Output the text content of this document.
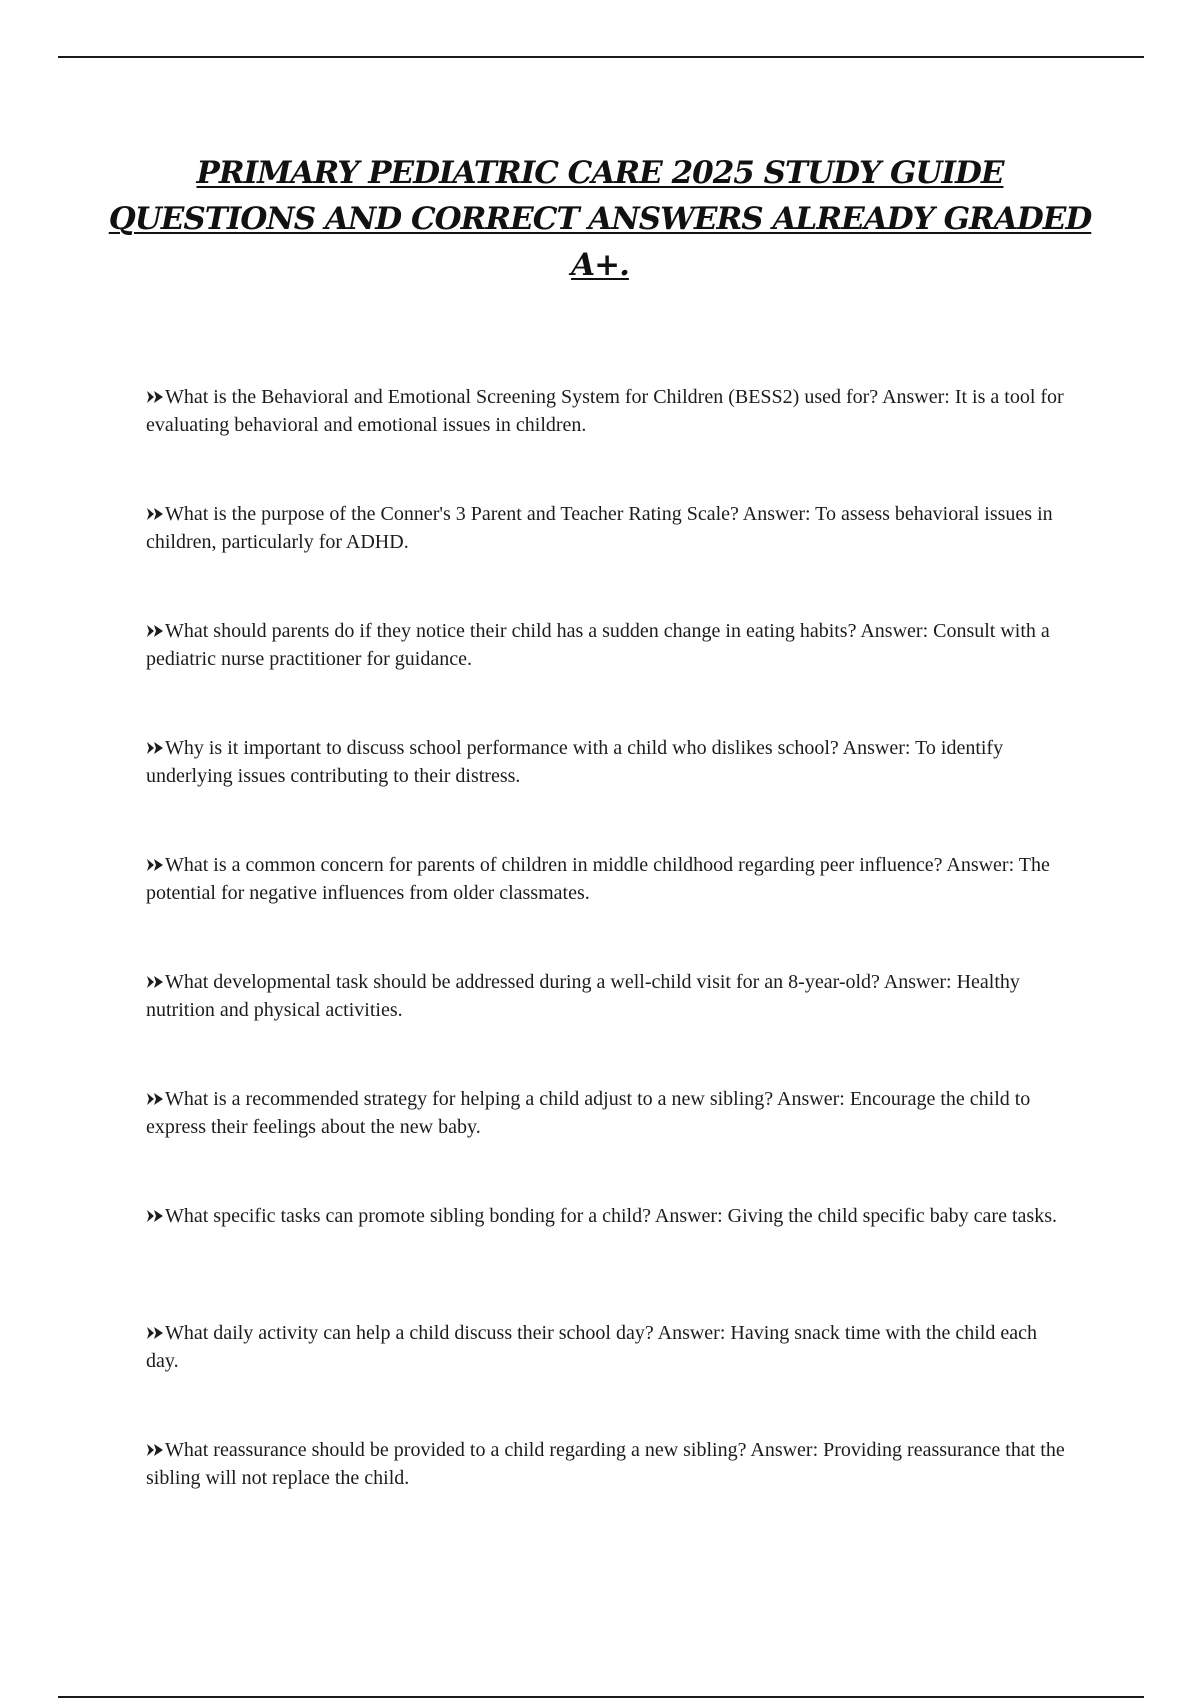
PRIMARY PEDIATRIC CARE 2025 STUDY GUIDE QUESTIONS AND CORRECT ANSWERS ALREADY GRADED A+.
What is the Behavioral and Emotional Screening System for Children (BESS2) used for? Answer: It is a tool for evaluating behavioral and emotional issues in children.
What is the purpose of the Conner's 3 Parent and Teacher Rating Scale? Answer: To assess behavioral issues in children, particularly for ADHD.
What should parents do if they notice their child has a sudden change in eating habits? Answer: Consult with a pediatric nurse practitioner for guidance.
Why is it important to discuss school performance with a child who dislikes school? Answer: To identify underlying issues contributing to their distress.
What is a common concern for parents of children in middle childhood regarding peer influence? Answer: The potential for negative influences from older classmates.
What developmental task should be addressed during a well-child visit for an 8-year-old? Answer: Healthy nutrition and physical activities.
What is a recommended strategy for helping a child adjust to a new sibling? Answer: Encourage the child to express their feelings about the new baby.
What specific tasks can promote sibling bonding for a child? Answer: Giving the child specific baby care tasks.
What daily activity can help a child discuss their school day? Answer: Having snack time with the child each day.
What reassurance should be provided to a child regarding a new sibling? Answer: Providing reassurance that the sibling will not replace the child.
